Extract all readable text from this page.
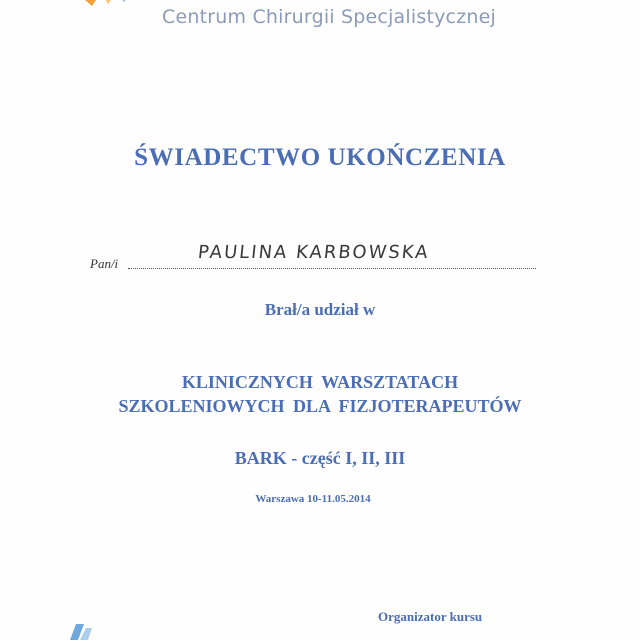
Centrum Chirurgii Specjalistycznej
ŚWIADECTWO UKOŃCZENIA
Pan/i
PAULINA KARBOWSKA
Brał/a udział w
KLINICZNYCH WARSZTATACH
SZKOLENIOWYCH DLA FIZJOTERAPEUTÓW
BARK - część I, II, III
Warszawa 10-11.05.2014
Organizator kursu
